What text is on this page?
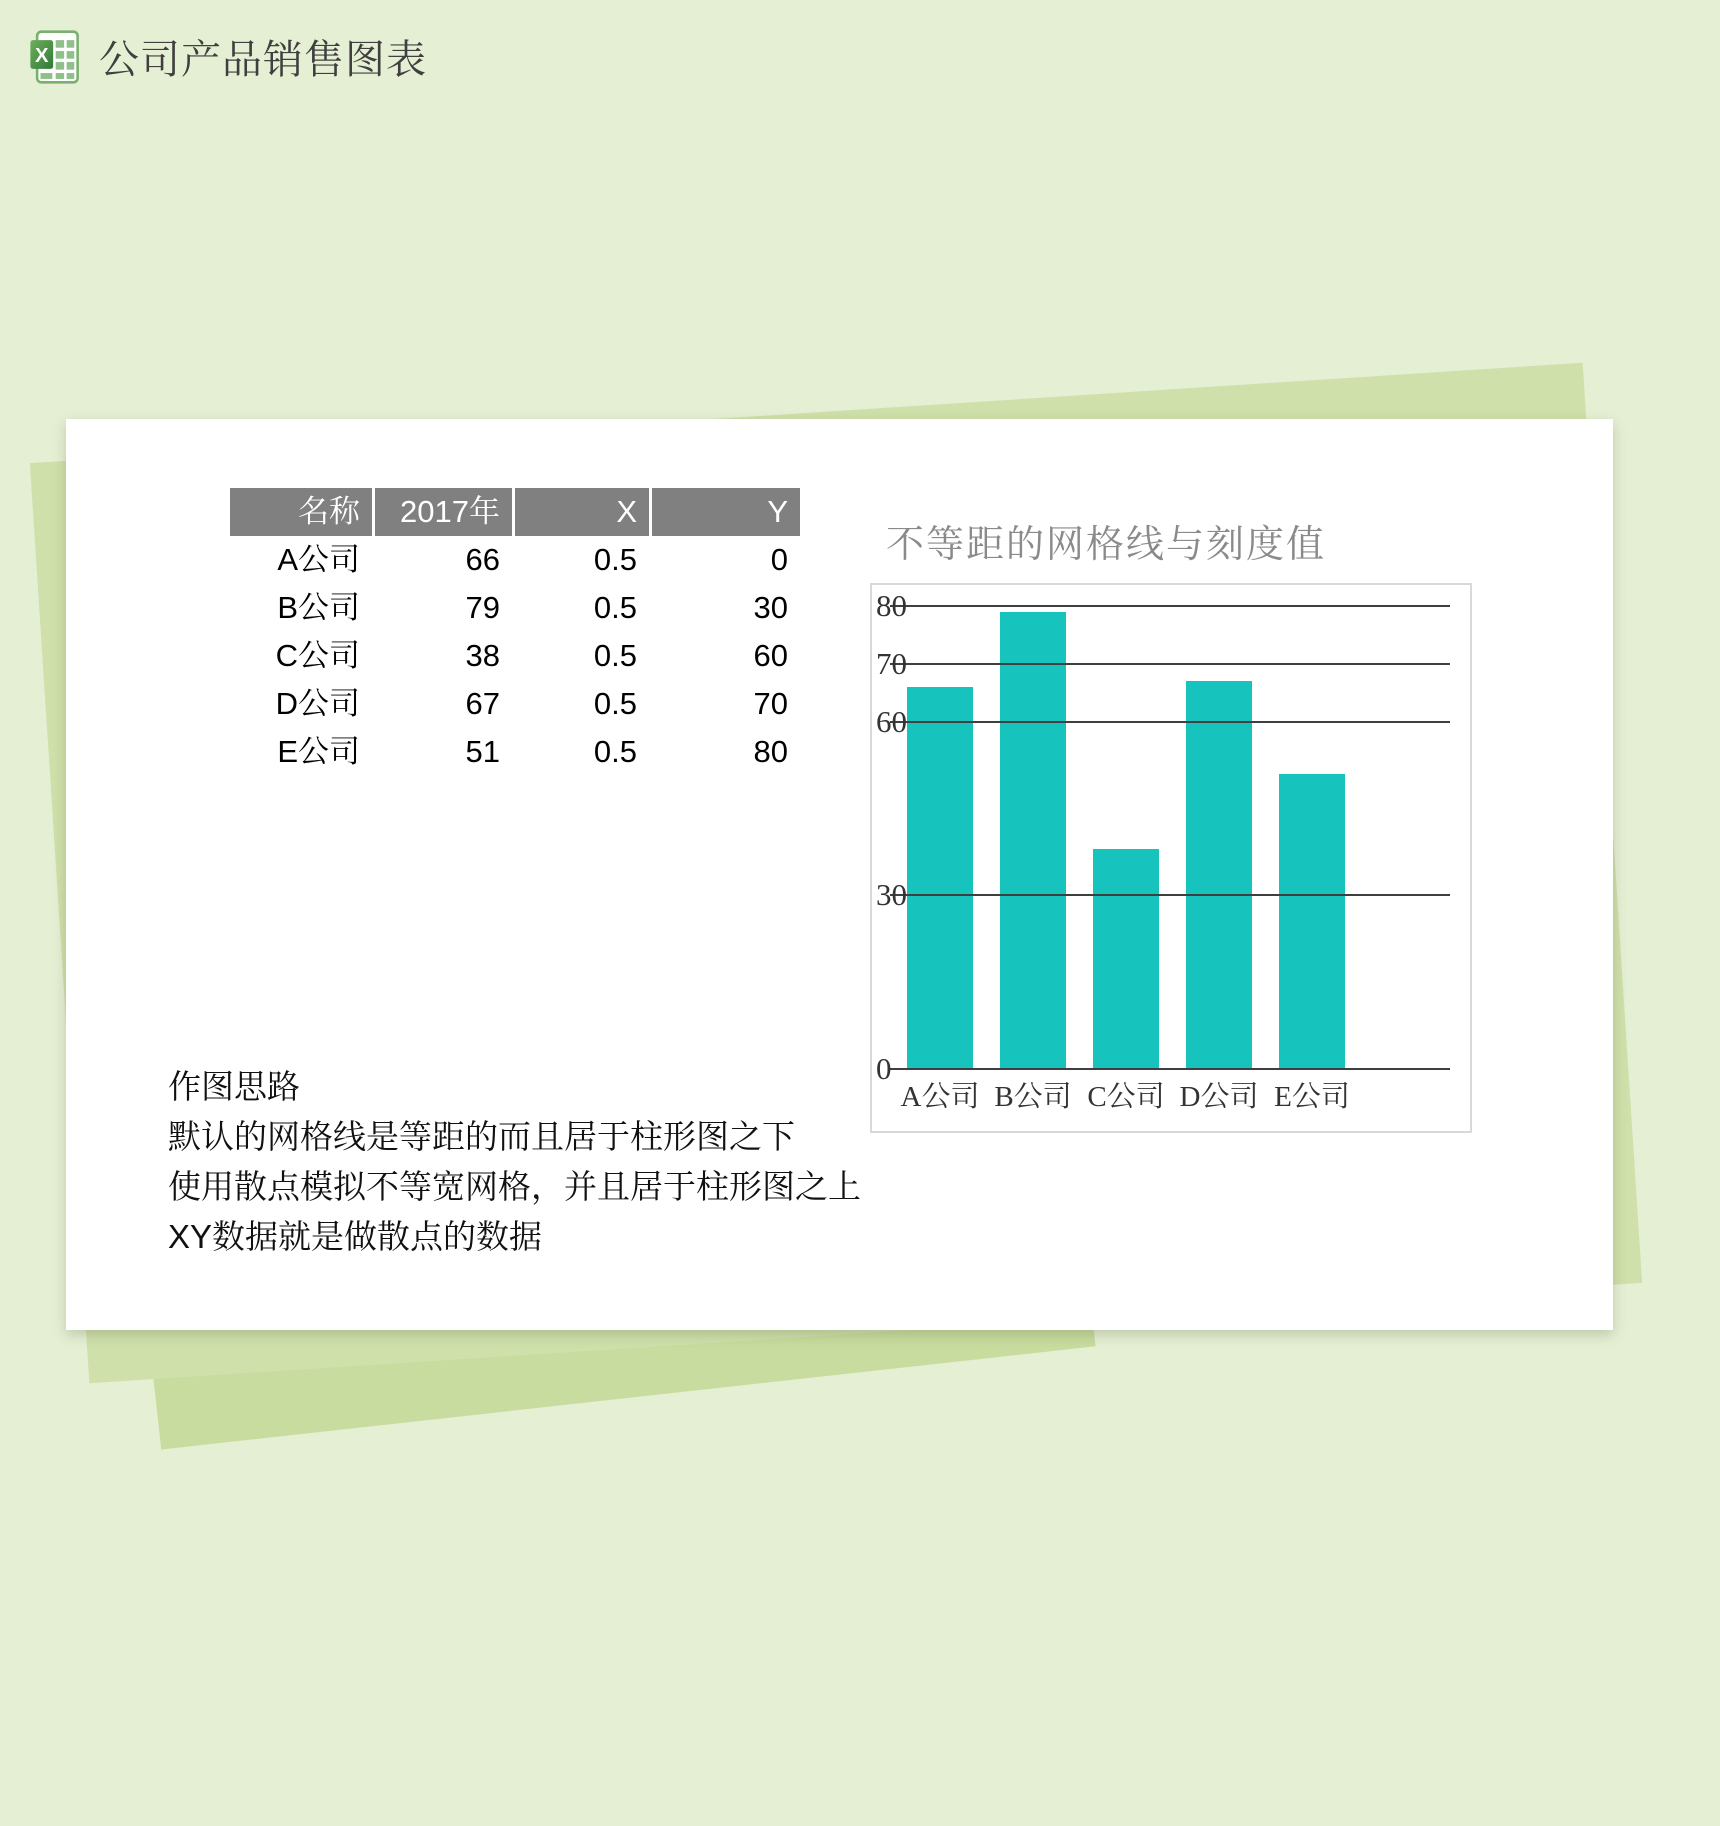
X 公司产品销售图表
名称	2017年	X	Y
A公司	66	0.5	0
B公司	79	0.5	30
C公司	38	0.5	60
D公司	67	0.5	70
E公司	51	0.5	80
不等距的网格线与刻度值
80
70
60
30
0
A公司 B公司 C公司 D公司 E公司
作图思路
默认的网格线是等距的而且居于柱形图之下
使用散点模拟不等宽网格，并且居于柱形图之上
XY数据就是做散点的数据
